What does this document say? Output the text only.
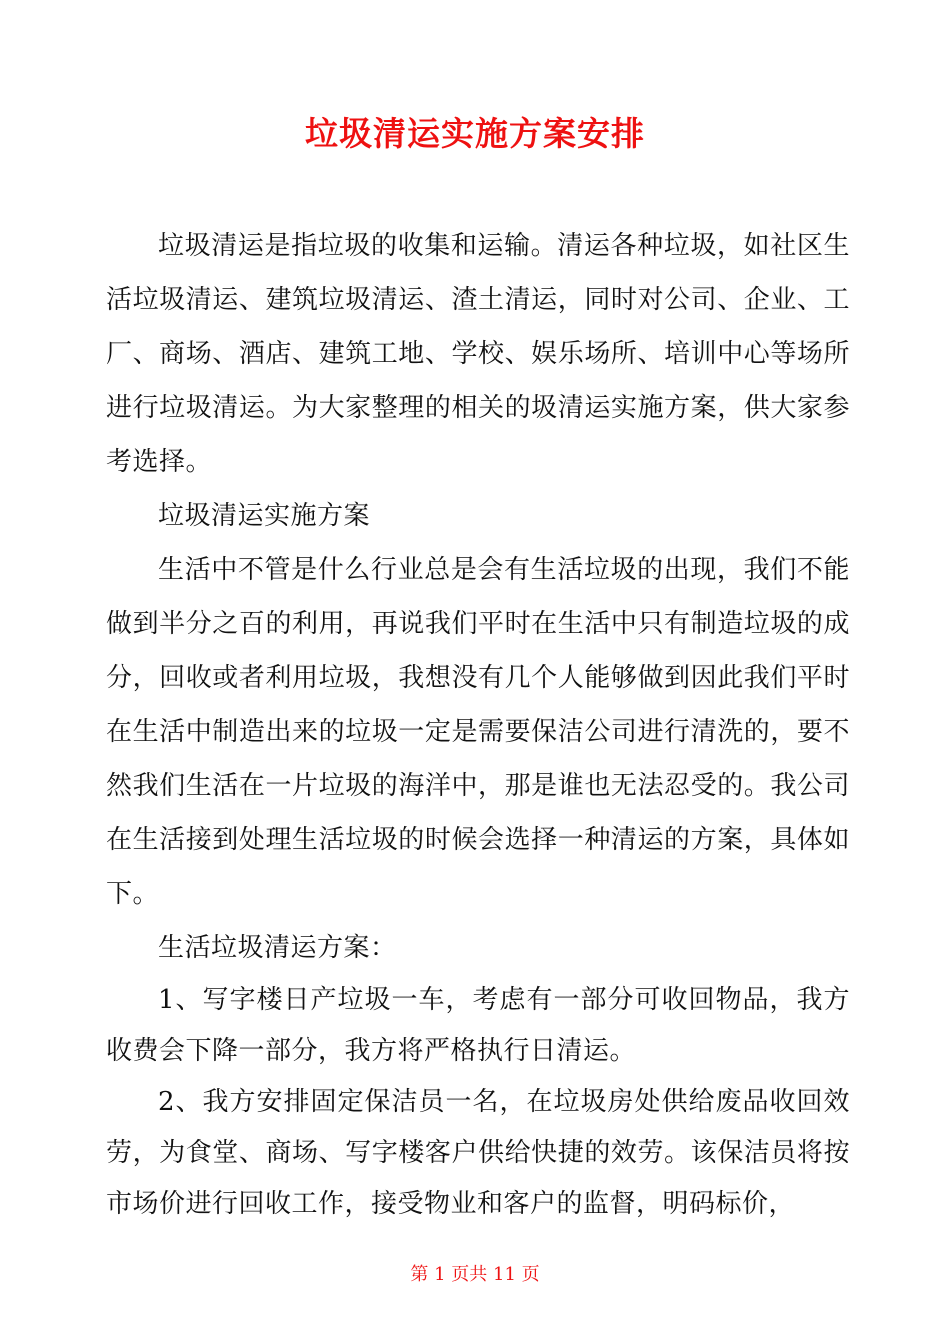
垃圾清运实施方案安排

垃圾清运是指垃圾的收集和运输。清运各种垃圾，如社区生活垃圾清运、建筑垃圾清运、渣土清运，同时对公司、企业、工厂、商场、酒店、建筑工地、学校、娱乐场所、培训中心等场所进行垃圾清运。为大家整理的相关的圾清运实施方案，供大家参考选择。

垃圾清运实施方案

生活中不管是什么行业总是会有生活垃圾的出现，我们不能做到半分之百的利用，再说我们平时在生活中只有制造垃圾的成分，回收或者利用垃圾，我想没有几个人能够做到因此我们平时在生活中制造出来的垃圾一定是需要保洁公司进行清洗的，要不然我们生活在一片垃圾的海洋中，那是谁也无法忍受的。我公司在生活接到处理生活垃圾的时候会选择一种清运的方案，具体如下。

生活垃圾清运方案：

1、写字楼日产垃圾一车，考虑有一部分可收回物品，我方收费会下降一部分，我方将严格执行日清运。

2、我方安排固定保洁员一名，在垃圾房处供给废品收回效劳，为食堂、商场、写字楼客户供给快捷的效劳。该保洁员将按市场价进行回收工作，接受物业和客户的监督，明码标价，

第 1 页共 11 页
